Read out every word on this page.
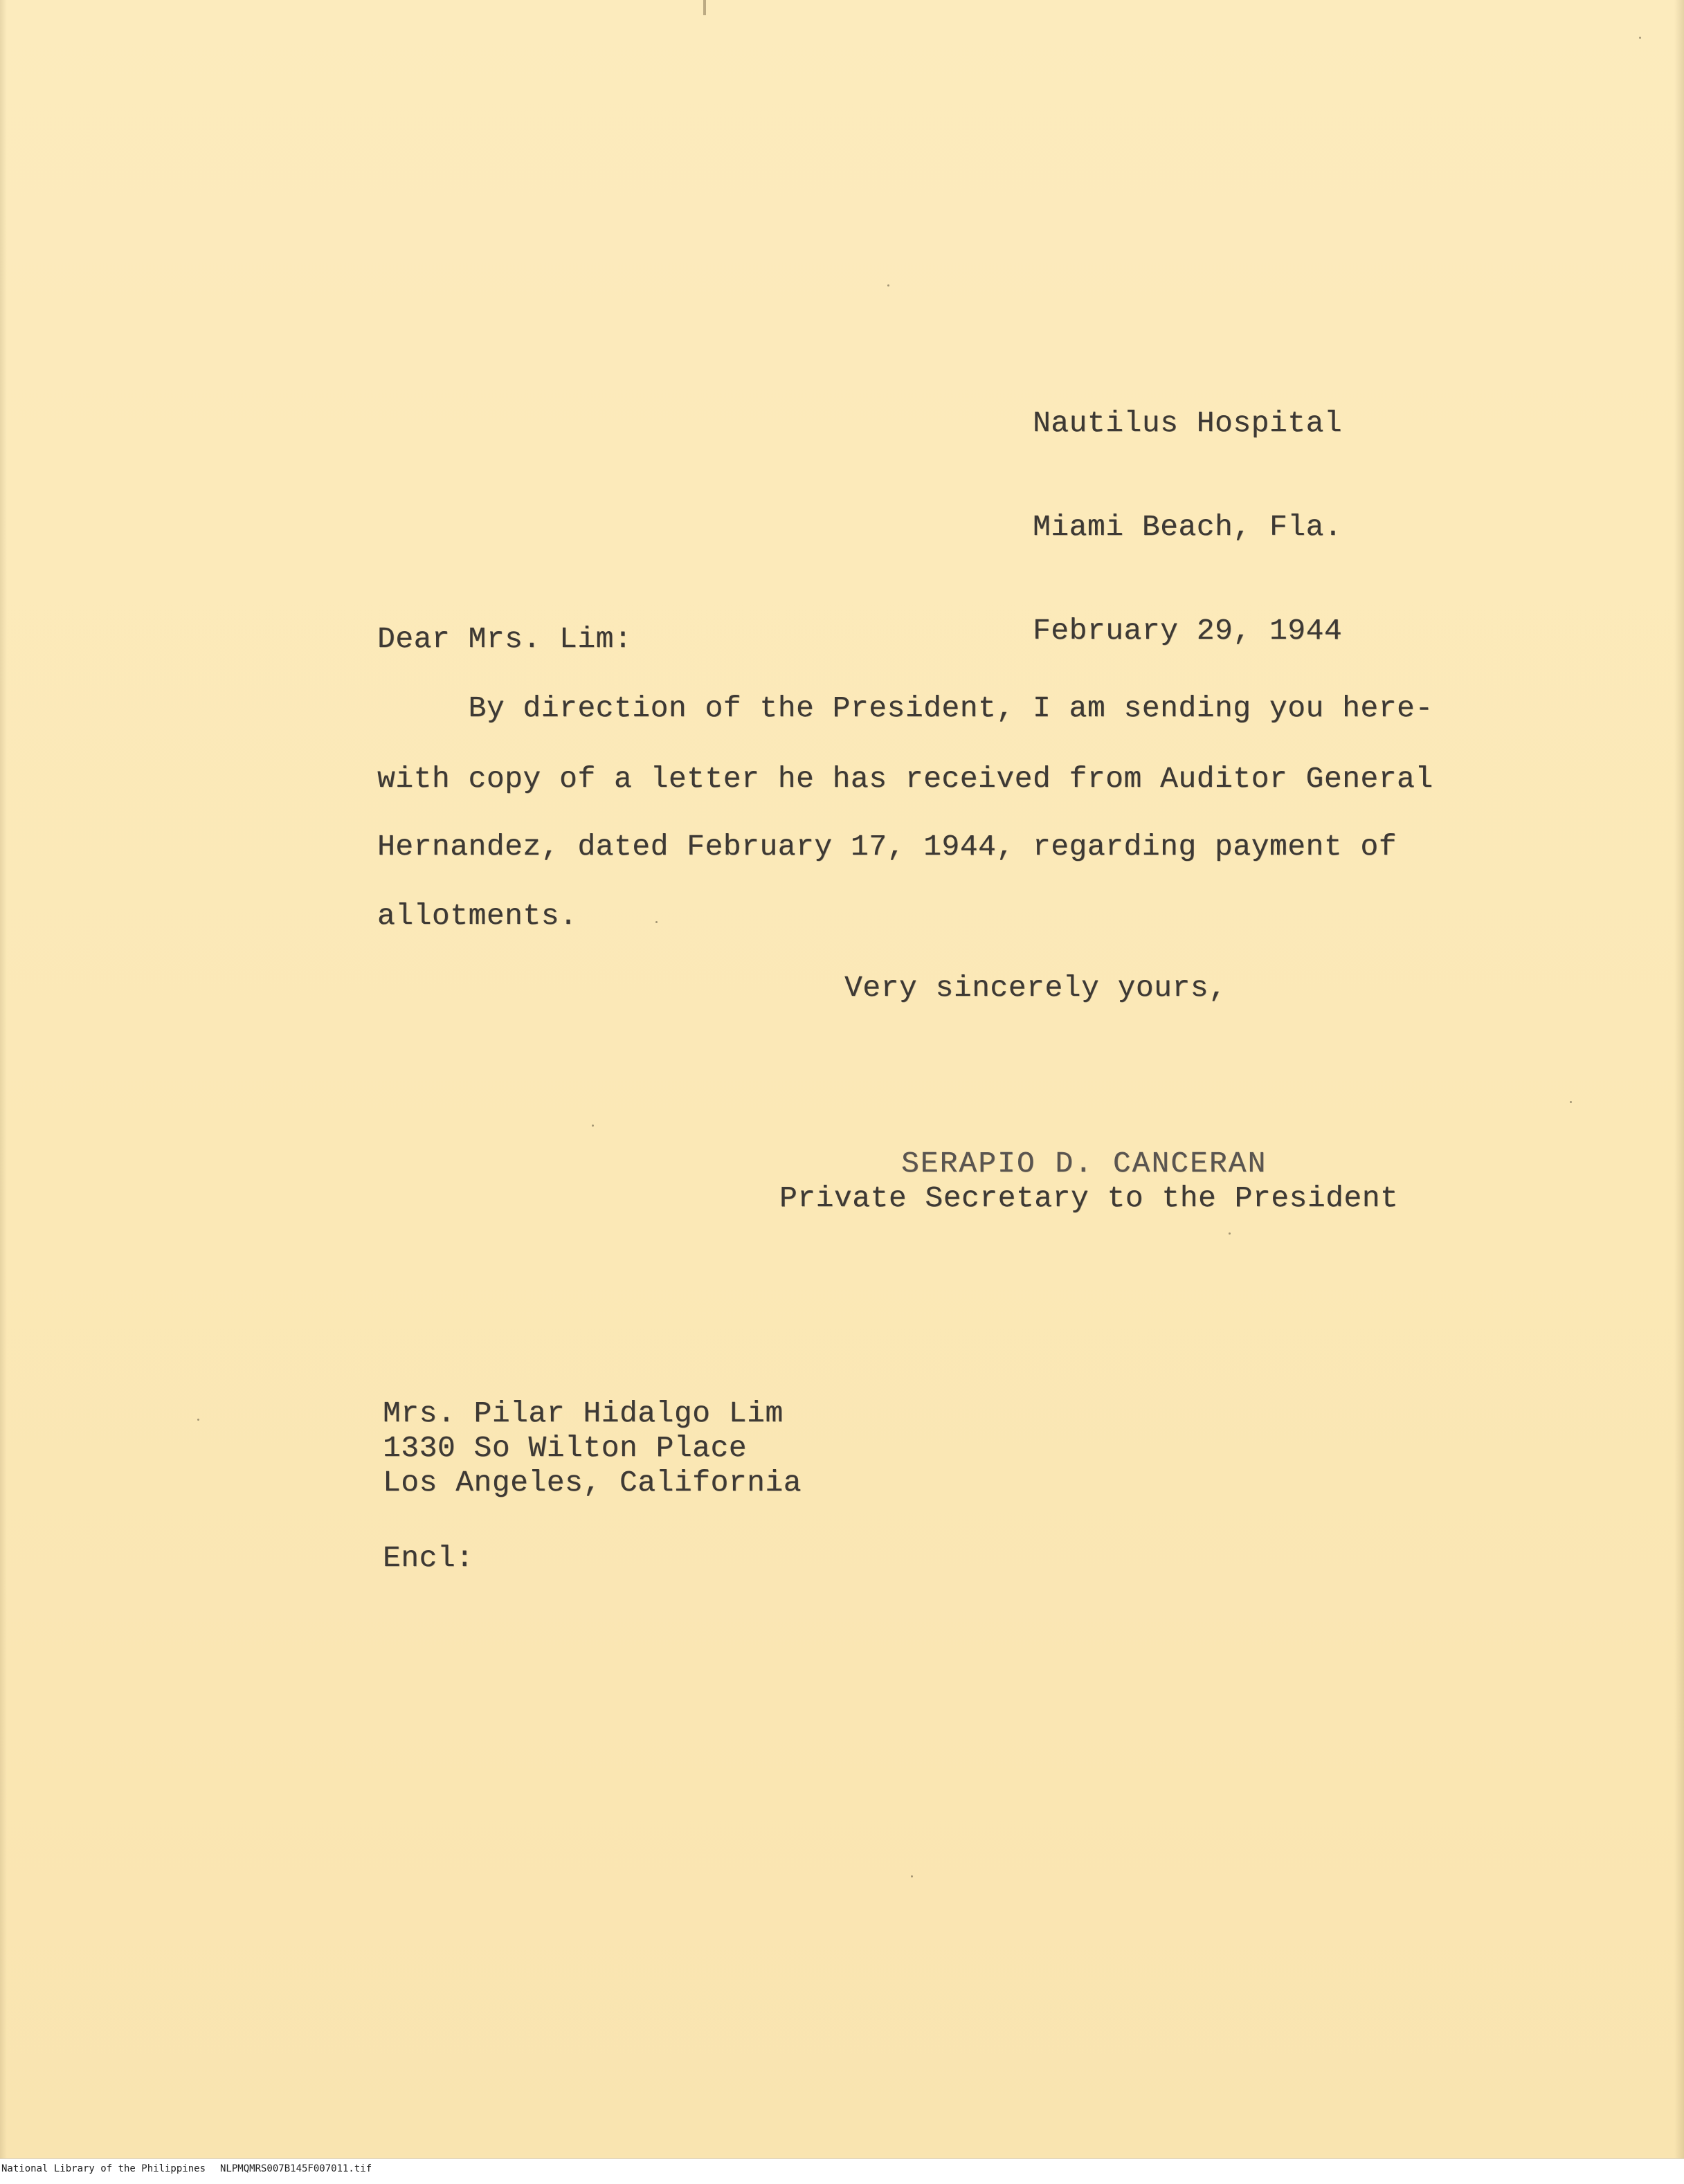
Nautilus Hospital

Miami Beach, Fla.

February 29, 1944

Dear Mrs. Lim:
By direction of the President, I am sending you here-
with copy of a letter he has received from Auditor General
Hernandez, dated February 17, 1944, regarding payment of
allotments.
Very sincerely yours,
SERAPIO D. CANCERAN
Private Secretary to the President
Mrs. Pilar Hidalgo Lim
1330 So Wilton Place
Los Angeles, California
Encl:
National Library of the Philippines NLPMQMRS007B145F007011.tif
